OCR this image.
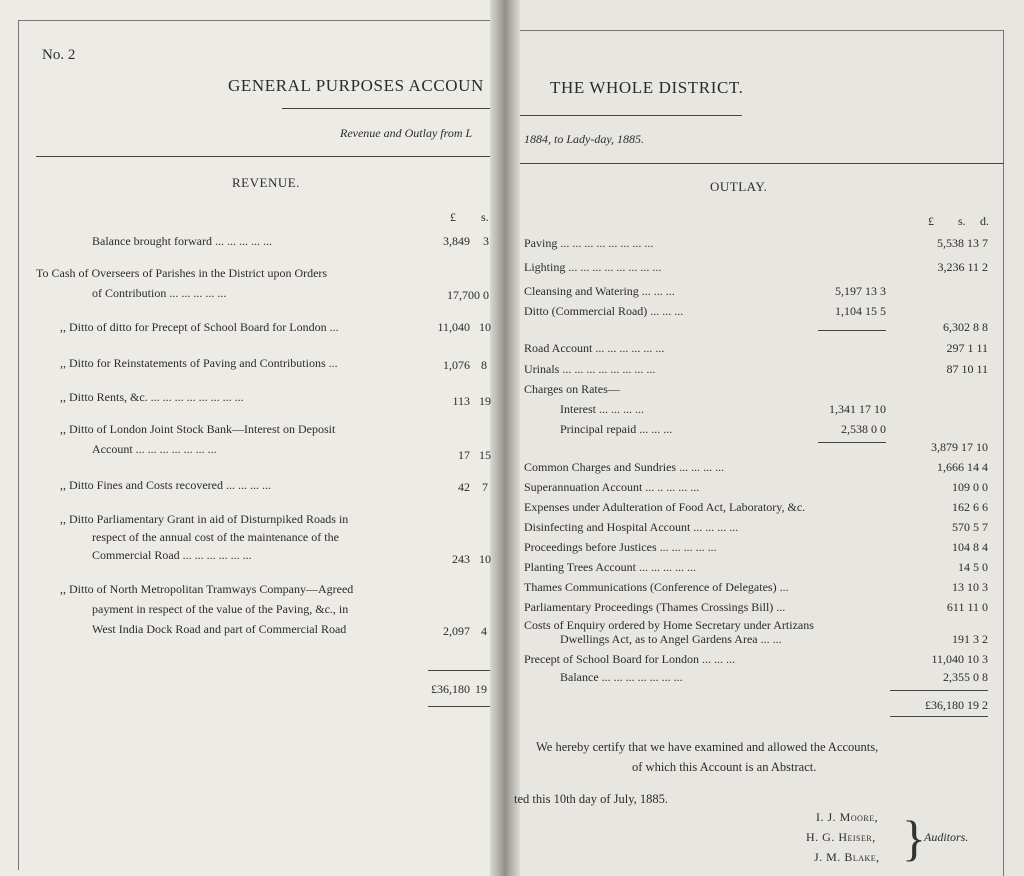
No. 2
GENERAL PURPOSES ACCOUN	THE WHOLE DISTRICT.
Revenue and Outlay from L	1884, to Lady-day, 1885.
REVENUE.
£ s.
Balance brought forward ... ... ... ... ...	3,849 3
To Cash of Overseers of Parishes in the District upon Orders
of Contribution ... ... ... ... ...	17,700 0
,, Ditto of ditto for Precept of School Board for London ...	11,040 10
,, Ditto for Reinstatements of Paving and Contributions ...	1,076 8
,, Ditto Rents, &c. ... ... ... ... ... ... ... ...	113 19
,, Ditto of London Joint Stock Bank—Interest on Deposit
Account ... ... ... ... ... ... ...	17 15
,, Ditto Fines and Costs recovered ... ... ... ...	42 7
,, Ditto Parliamentary Grant in aid of Disturnpiked Roads in
respect of the annual cost of the maintenance of the
Commercial Road ... ... ... ... ... ...	243 10
,, Ditto of North Metropolitan Tramways Company—Agreed
payment in respect of the value of the Paving, &c., in
West India Dock Road and part of Commercial Road	2,097 4
£36,180 19
OUTLAY.
£ s. d.
Paving ... ... ... ... ... ... ... ...	5,538 13 7
Lighting ... ... ... ... ... ... ... ...	3,236 11 2
Cleansing and Watering ... ... ...	5,197 13 3
Ditto (Commercial Road) ... ... ...	1,104 15 5
6,302 8 8
Road Account ... ... ... ... ... ...	297 1 11
Urinals ... ... ... ... ... ... ... ...	87 10 11
Charges on Rates—
Interest ... ... ... ...	1,341 17 10
Principal repaid ... ... ...	2,538 0 0
3,879 17 10
Common Charges and Sundries ... ... ... ...	1,666 14 4
Superannuation Account ... .. ... ... ...	109 0 0
Expenses under Adulteration of Food Act, Laboratory, &c.	162 6 6
Disinfecting and Hospital Account ... ... ... ...	570 5 7
Proceedings before Justices ... ... ... ... ...	104 8 4
Planting Trees Account ... ... ... ... ...	14 5 0
Thames Communications (Conference of Delegates) ...	13 10 3
Parliamentary Proceedings (Thames Crossings Bill) ...	611 11 0
Costs of Enquiry ordered by Home Secretary under Artizans
Dwellings Act, as to Angel Gardens Area ... ...	191 3 2
Precept of School Board for London ... ... ...	11,040 10 3
Balance ... ... ... ... ... ... ...	2,355 0 8
£36,180 19 2
We hereby certify that we have examined and allowed the Accounts,
of which this Account is an Abstract.
ted this 10th day of July, 1885.
I. J. Moore,
H. G. Heiser,
J. M. Blake, }
Auditors.
